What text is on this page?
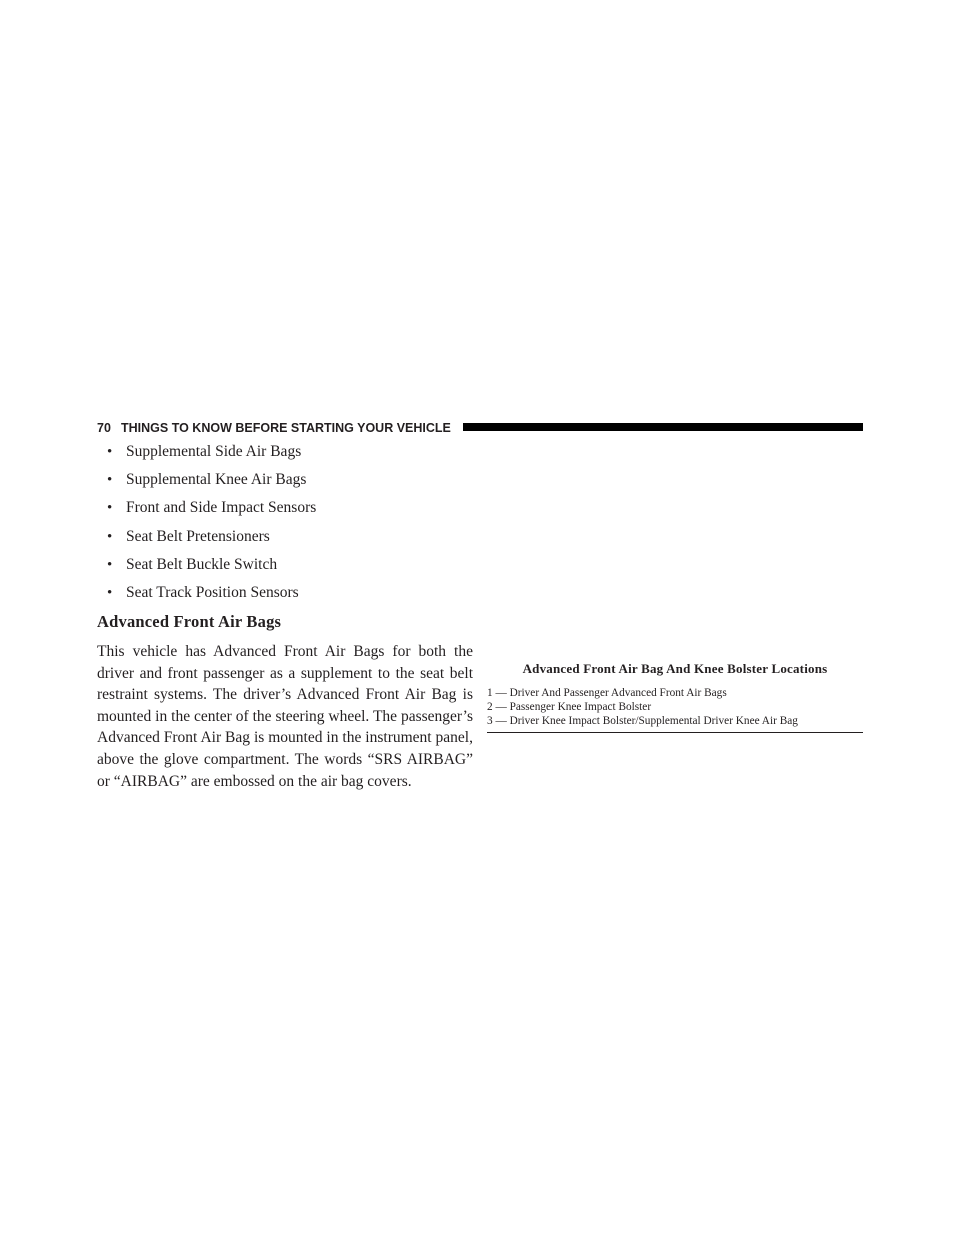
70 THINGS TO KNOW BEFORE STARTING YOUR VEHICLE
• Supplemental Side Air Bags
• Supplemental Knee Air Bags
• Front and Side Impact Sensors
• Seat Belt Pretensioners
• Seat Belt Buckle Switch
• Seat Track Position Sensors
Advanced Front Air Bags

This vehicle has Advanced Front Air Bags for both the driver and front passenger as a supplement to the seat belt restraint systems. The driver’s Advanced Front Air Bag is mounted in the center of the steering wheel. The passenger’s Advanced Front Air Bag is mounted in the instrument panel, above the glove compartment. The words “SRS AIRBAG” or “AIRBAG” are embossed on the air bag covers.

Advanced Front Air Bag And Knee Bolster Locations

1 — Driver And Passenger Advanced Front Air Bags
2 — Passenger Knee Impact Bolster
3 — Driver Knee Impact Bolster/Supplemental Driver Knee Air Bag
